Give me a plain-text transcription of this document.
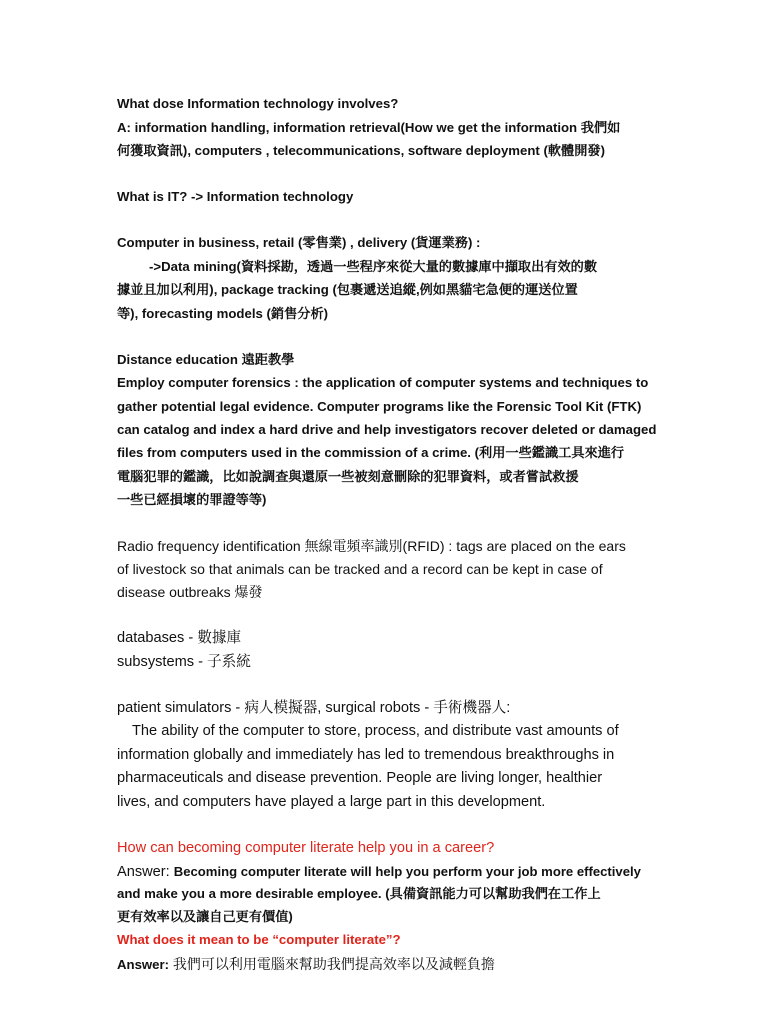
What dose Information technology involves?
A: information handling, information retrieval(How we get the information 我們如
何獲取資訊), computers , telecommunications, software deployment (軟體開發)
What is IT? -> Information technology
Computer in business, retail (零售業) , delivery (貨運業務) :
->Data mining(資料採勘，透過一些程序來從大量的數據庫中擷取出有效的數
據並且加以利用), package tracking (包裹遞送追縱,例如黑貓宅急便的運送位置
等), forecasting models (銷售分析)
Distance education 遠距教學
Employ computer forensics : the application of computer systems and techniques to
gather potential legal evidence. Computer programs like the Forensic Tool Kit (FTK)
can catalog and index a hard drive and help investigators recover deleted or damaged
files from computers used in the commission of a crime. (利用一些鑑識工具來進行
電腦犯罪的鑑識，比如說調查與還原一些被刻意刪除的犯罪資料，或者嘗試救援
一些已經損壞的罪證等等)
Radio frequency identification 無線電頻率識別(RFID) : tags are placed on the ears
of livestock so that animals can be tracked and a record can be kept in case of
disease outbreaks 爆發
databases - 數據庫
subsystems - 子系統
patient simulators - 病人模擬器, surgical robots - 手術機器人:
The ability of the computer to store, process, and distribute vast amounts of
information globally and immediately has led to tremendous breakthroughs in
pharmaceuticals and disease prevention. People are living longer, healthier
lives, and computers have played a large part in this development.
How can becoming computer literate help you in a career?
Answer: Becoming computer literate will help you perform your job more effectively
and make you a more desirable employee. (具備資訊能力可以幫助我們在工作上
更有效率以及讓自己更有價值)
What does it mean to be “computer literate”?
Answer: 我們可以利用電腦來幫助我們提高效率以及減輕負擔
